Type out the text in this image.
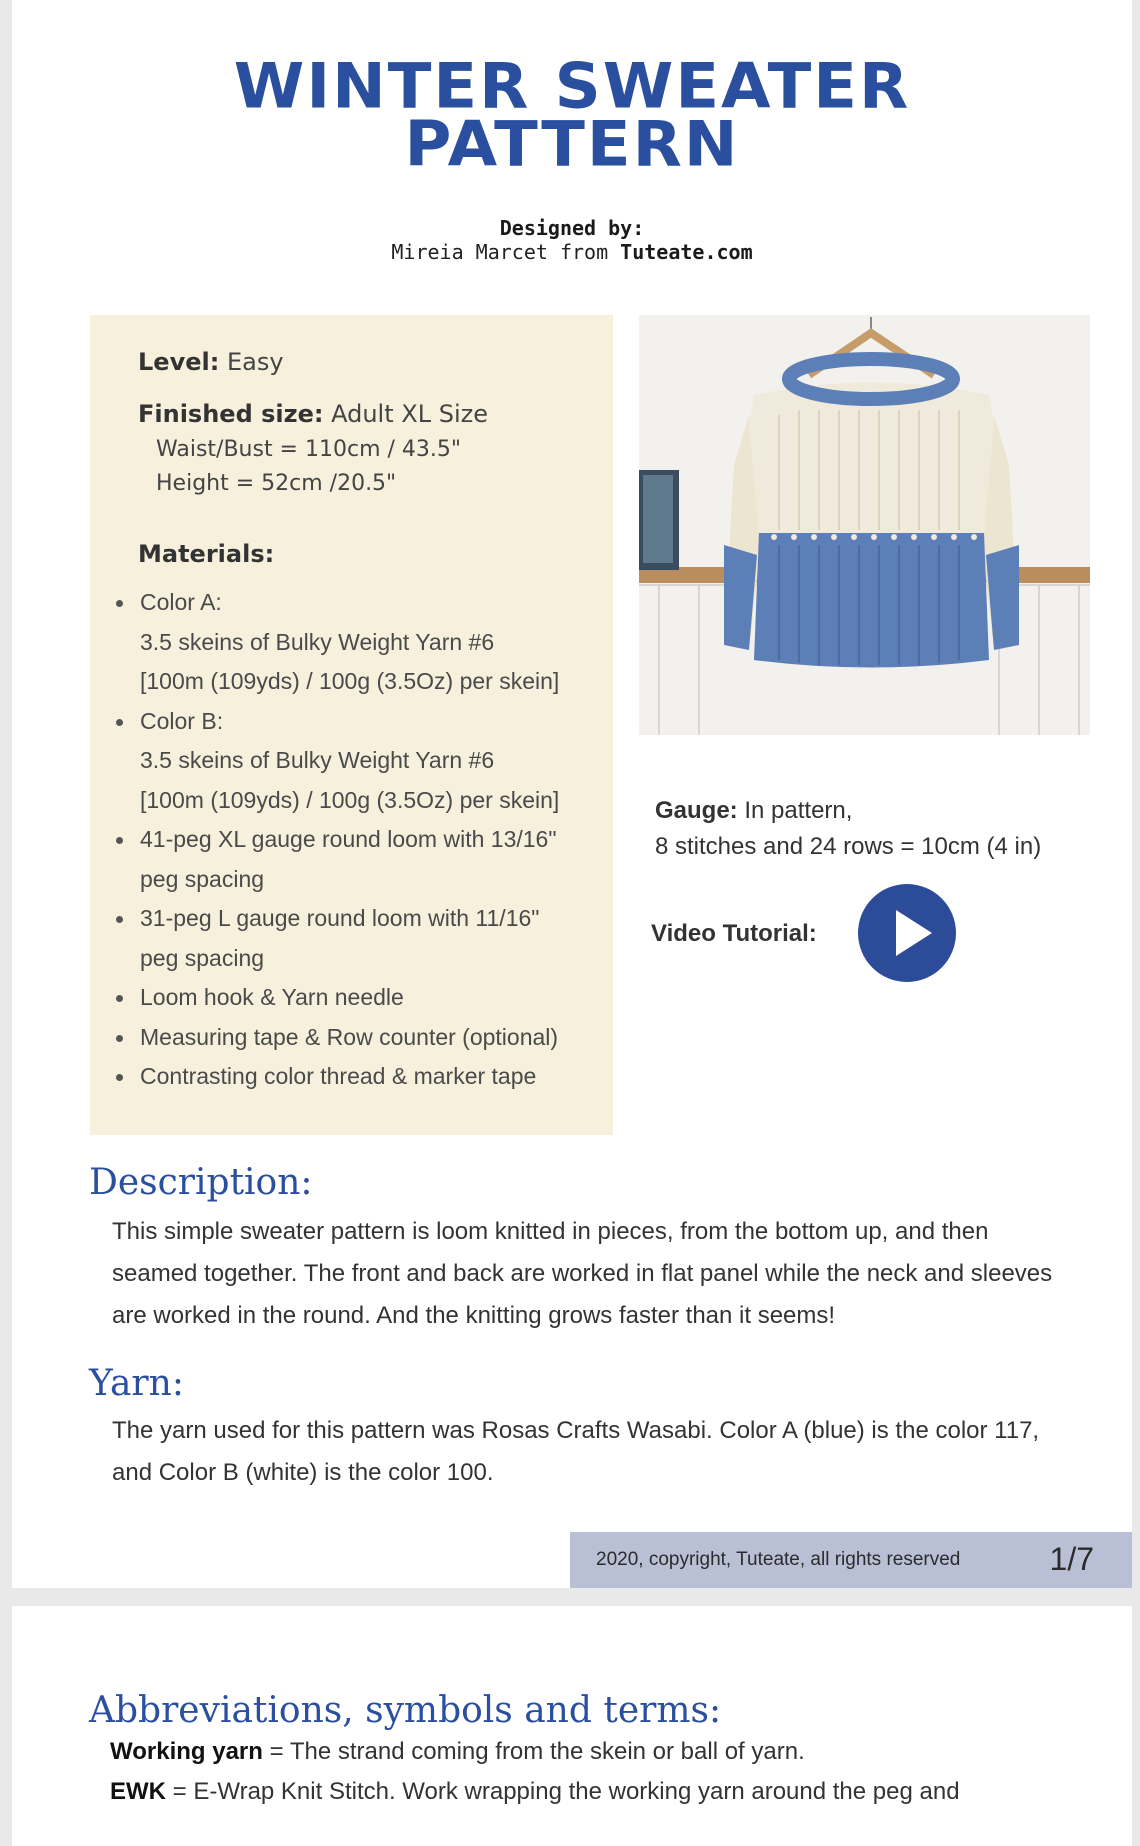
WINTER SWEATER
PATTERN
Designed by:
Mireia Marcet from Tuteate.com
Level: Easy
Finished size: Adult XL Size
Waist/Bust = 110cm / 43.5"
Height = 52cm /20.5"
Materials:
Color A:
3.5 skeins of Bulky Weight Yarn #6
[100m (109yds) / 100g (3.5Oz) per skein]
Color B:
3.5 skeins of Bulky Weight Yarn #6
[100m (109yds) / 100g (3.5Oz) per skein]
41-peg XL gauge round loom with 13/16"
peg spacing
31-peg L gauge round loom with 11/16"
peg spacing
Loom hook & Yarn needle
Measuring tape & Row counter (optional)
Contrasting color thread & marker tape
Gauge: In pattern,
8 stitches and 24 rows = 10cm (4 in)
Video Tutorial:
Description:
This simple sweater pattern is loom knitted in pieces, from the bottom up, and then seamed together. The front and back are worked in flat panel while the neck and sleeves are worked in the round. And the knitting grows faster than it seems!
Yarn:
The yarn used for this pattern was Rosas Crafts Wasabi. Color A (blue) is the color 117, and Color B (white) is the color 100.
2020, copyright, Tuteate, all rights reserved	1/7
Abbreviations, symbols and terms:
Working yarn = The strand coming from the skein or ball of yarn.
EWK = E-Wrap Knit Stitch. Work wrapping the working yarn around the peg and
